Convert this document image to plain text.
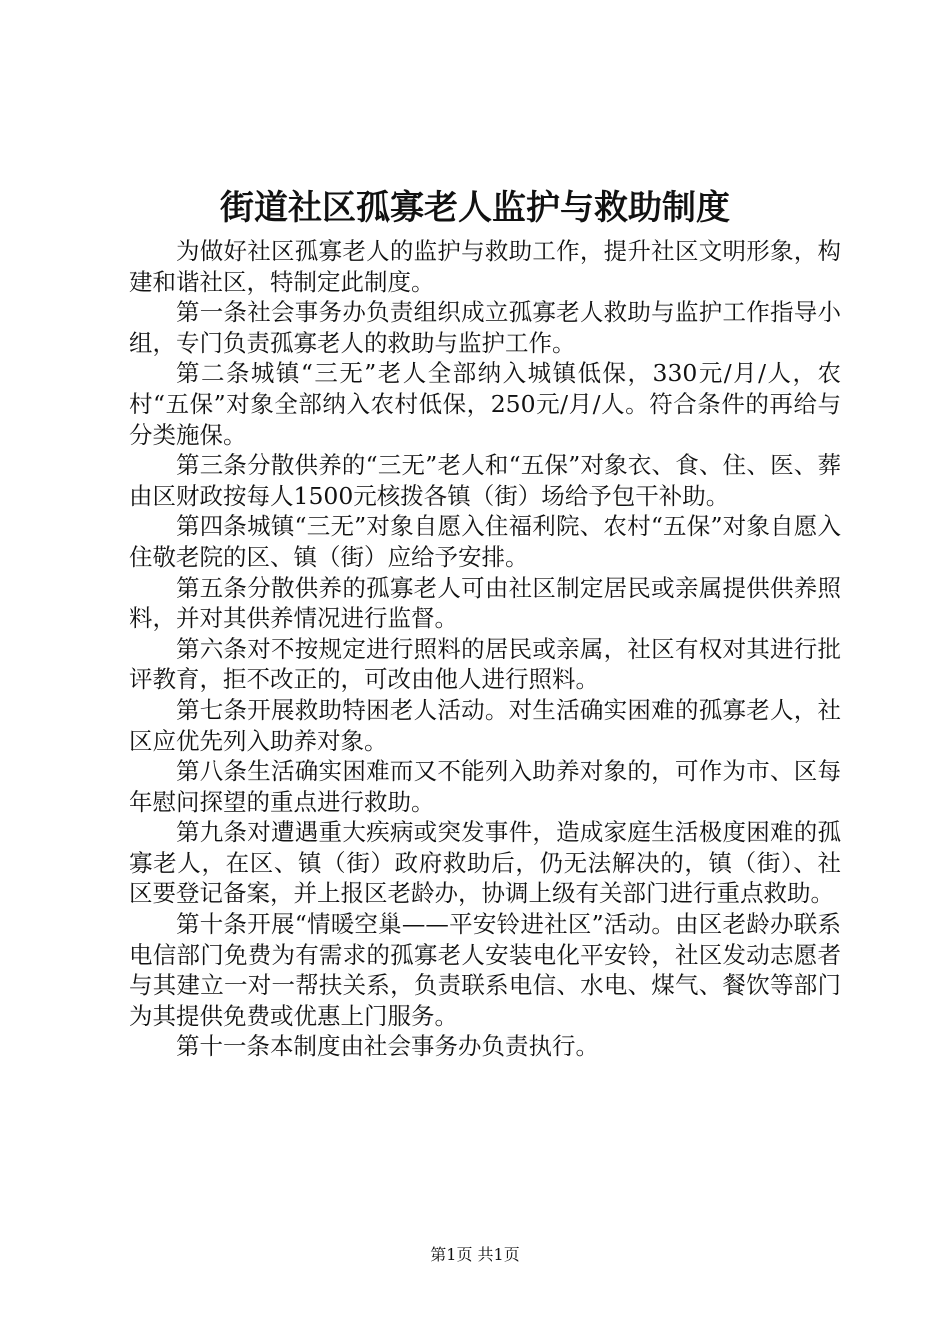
街道社区孤寡老人监护与救助制度

为做好社区孤寡老人的监护与救助工作，提升社区文明形象，构建和谐社区，特制定此制度。

第一条社会事务办负责组织成立孤寡老人救助与监护工作指导小组，专门负责孤寡老人的救助与监护工作。

第二条城镇“三无”老人全部纳入城镇低保，330元/月/人，农村“五保”对象全部纳入农村低保，250元/月/人。符合条件的再给与分类施保。

第三条分散供养的“三无”老人和“五保”对象衣、食、住、医、葬由区财政按每人1500元核拨各镇（街）场给予包干补助。

第四条城镇“三无”对象自愿入住福利院、农村“五保”对象自愿入住敬老院的区、镇（街）应给予安排。

第五条分散供养的孤寡老人可由社区制定居民或亲属提供供养照料，并对其供养情况进行监督。

第六条对不按规定进行照料的居民或亲属，社区有权对其进行批评教育，拒不改正的，可改由他人进行照料。

第七条开展救助特困老人活动。对生活确实困难的孤寡老人，社区应优先列入助养对象。

第八条生活确实困难而又不能列入助养对象的，可作为市、区每年慰问探望的重点进行救助。

第九条对遭遇重大疾病或突发事件，造成家庭生活极度困难的孤寡老人，在区、镇（街）政府救助后，仍无法解决的，镇（街）、社区要登记备案，并上报区老龄办，协调上级有关部门进行重点救助。

第十条开展“情暖空巢——平安铃进社区”活动。由区老龄办联系电信部门免费为有需求的孤寡老人安装电化平安铃，社区发动志愿者与其建立一对一帮扶关系，负责联系电信、水电、煤气、餐饮等部门为其提供免费或优惠上门服务。

第十一条本制度由社会事务办负责执行。

第1页 共1页
